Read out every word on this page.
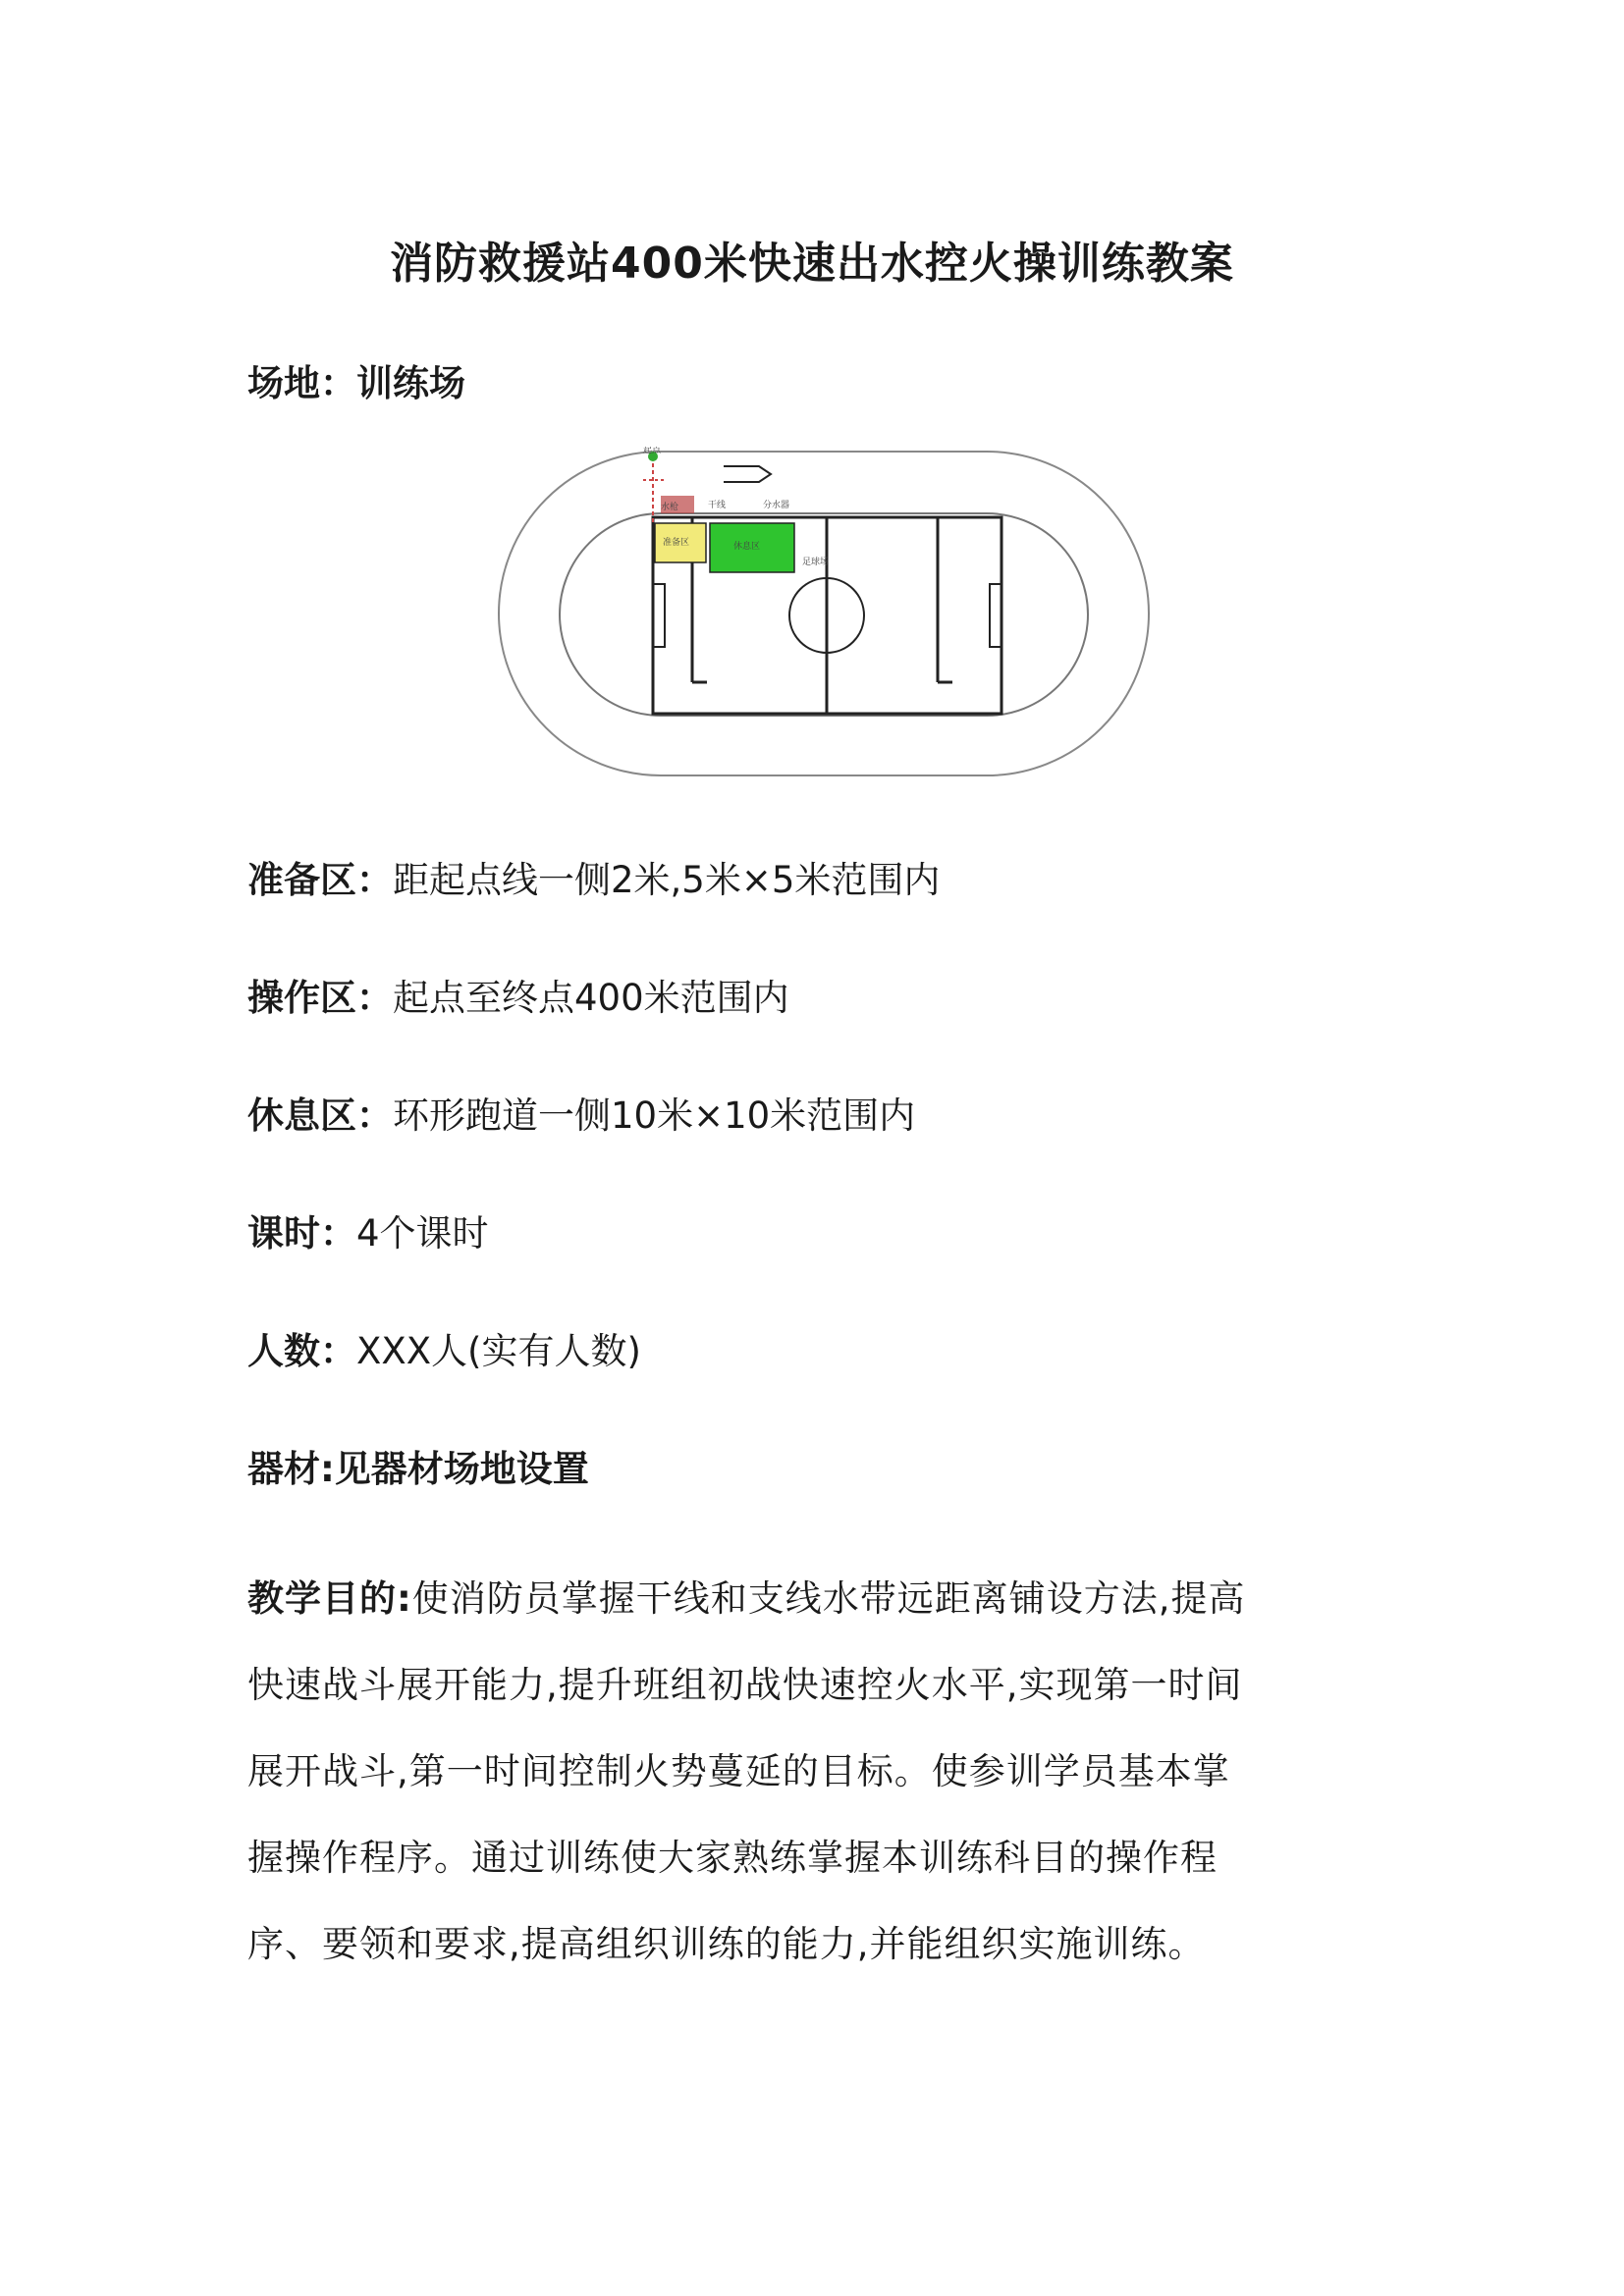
消防救援站400米快速出水控火操训练教案
场地：训练场
起点
分水器
干线
水枪
准备区	休息区
足球场
准备区：距起点线一侧2米,5米×5米范围内
操作区：起点至终点400米范围内
休息区：环形跑道一侧10米×10米范围内
课时：4个课时
人数：XXX人(实有人数)
器材:见器材场地设置
教学目的:使消防员掌握干线和支线水带远距离铺设方法,提高
快速战斗展开能力,提升班组初战快速控火水平,实现第一时间
展开战斗,第一时间控制火势蔓延的目标。使参训学员基本掌
握操作程序。通过训练使大家熟练掌握本训练科目的操作程
序、要领和要求,提高组织训练的能力,并能组织实施训练。
